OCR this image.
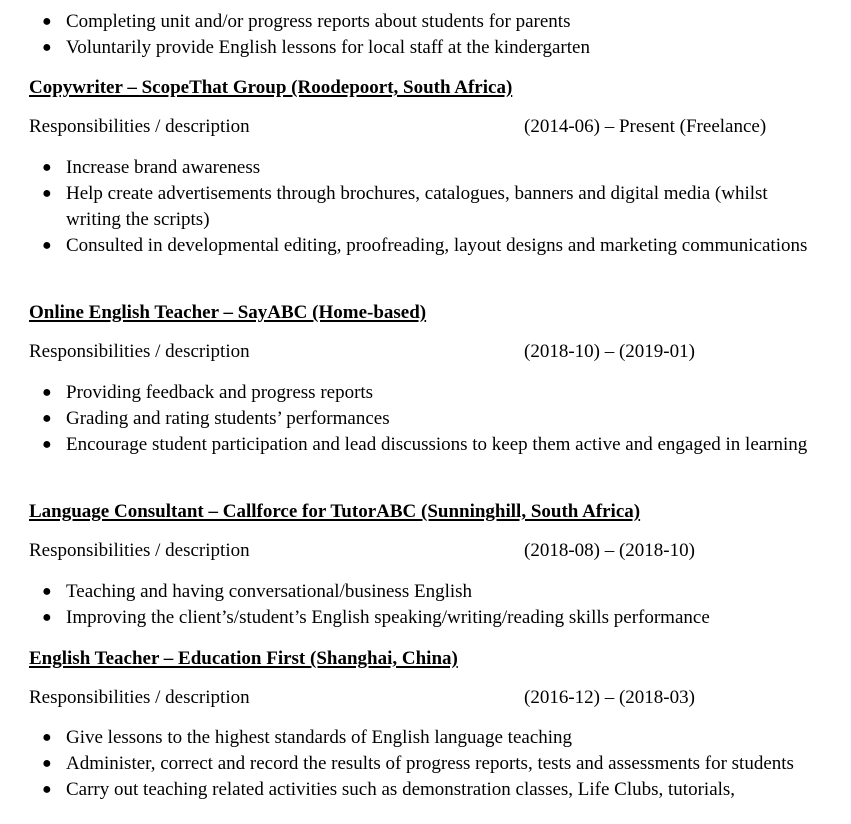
● Completing unit and/or progress reports about students for parents
● Voluntarily provide English lessons for local staff at the kindergarten
Copywriter – ScopeThat Group (Roodepoort, South Africa)
Responsibilities / description	(2014-06) – Present (Freelance)
● Increase brand awareness
● Help create advertisements through brochures, catalogues, banners and digital media (whilst writing the scripts)
● Consulted in developmental editing, proofreading, layout designs and marketing communications
Online English Teacher – SayABC (Home-based)
Responsibilities / description	(2018-10) – (2019-01)
● Providing feedback and progress reports
● Grading and rating students’ performances
● Encourage student participation and lead discussions to keep them active and engaged in learning
Language Consultant – Callforce for TutorABC (Sunninghill, South Africa)
Responsibilities / description	(2018-08) – (2018-10)
● Teaching and having conversational/business English
● Improving the client’s/student’s English speaking/writing/reading skills performance
English Teacher – Education First (Shanghai, China)
Responsibilities / description	(2016-12) – (2018-03)
● Give lessons to the highest standards of English language teaching
● Administer, correct and record the results of progress reports, tests and assessments for students
● Carry out teaching related activities such as demonstration classes, Life Clubs, tutorials,
